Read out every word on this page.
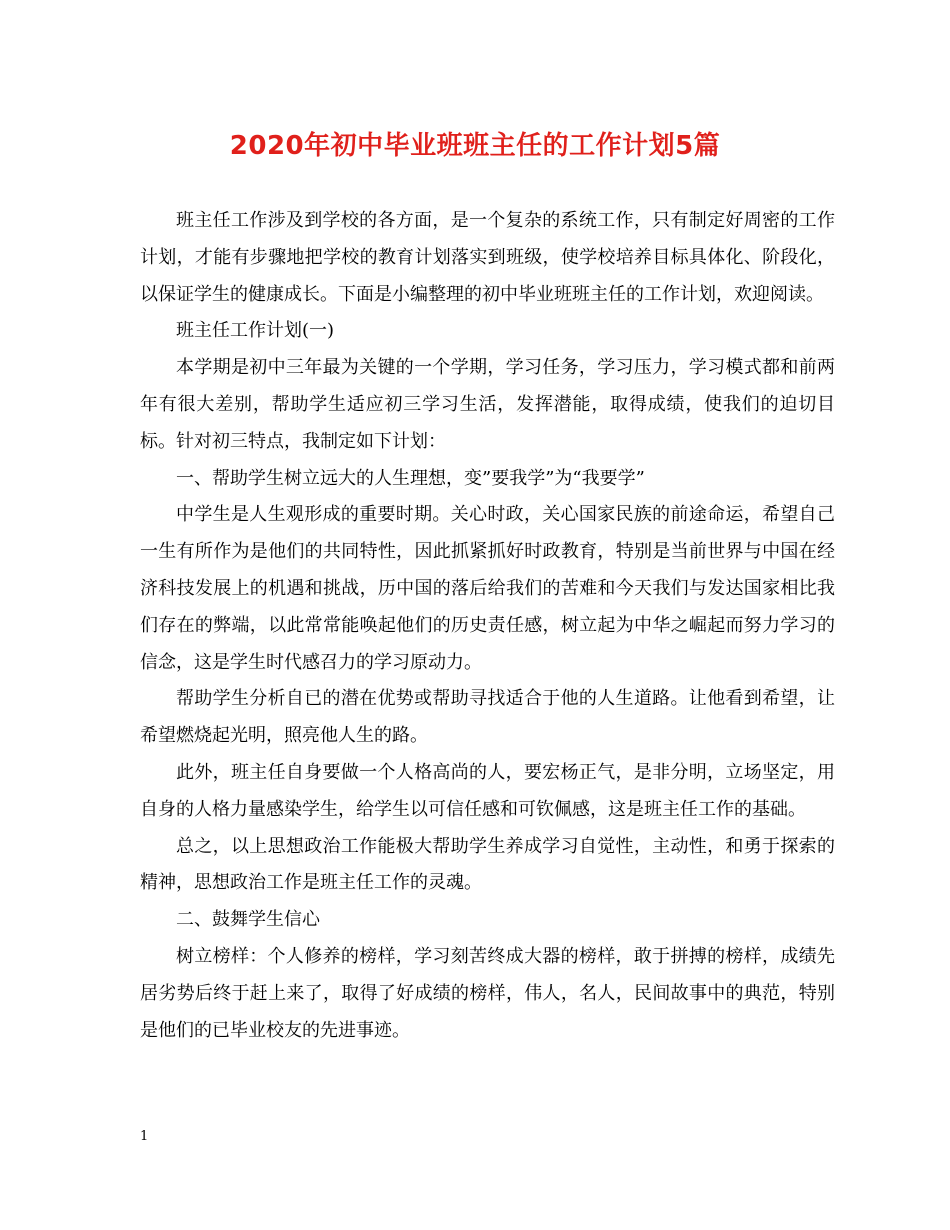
2020年初中毕业班班主任的工作计划5篇

班主任工作涉及到学校的各方面，是一个复杂的系统工作，只有制定好周密的工作计划，才能有步骤地把学校的教育计划落实到班级，使学校培养目标具体化、阶段化，以保证学生的健康成长。下面是小编整理的初中毕业班班主任的工作计划，欢迎阅读。

班主任工作计划(一)

本学期是初中三年最为关键的一个学期，学习任务，学习压力，学习模式都和前两年有很大差别，帮助学生适应初三学习生活，发挥潜能，取得成绩，使我们的迫切目标。针对初三特点，我制定如下计划：

一、帮助学生树立远大的人生理想，变”要我学”为“我要学”

中学生是人生观形成的重要时期。关心时政，关心国家民族的前途命运，希望自己一生有所作为是他们的共同特性，因此抓紧抓好时政教育，特别是当前世界与中国在经济科技发展上的机遇和挑战，历中国的落后给我们的苦难和今天我们与发达国家相比我们存在的弊端，以此常常能唤起他们的历史责任感，树立起为中华之崛起而努力学习的信念，这是学生时代感召力的学习原动力。

帮助学生分析自已的潜在优势或帮助寻找适合于他的人生道路。让他看到希望，让希望燃烧起光明，照亮他人生的路。

此外，班主任自身要做一个人格高尚的人，要宏杨正气，是非分明，立场坚定，用自身的人格力量感染学生，给学生以可信任感和可钦佩感，这是班主任工作的基础。

总之，以上思想政治工作能极大帮助学生养成学习自觉性，主动性，和勇于探索的精神，思想政治工作是班主任工作的灵魂。

二、鼓舞学生信心

树立榜样：个人修养的榜样，学习刻苦终成大器的榜样，敢于拼搏的榜样，成绩先居劣势后终于赶上来了，取得了好成绩的榜样，伟人，名人，民间故事中的典范，特别是他们的已毕业校友的先进事迹。

1
